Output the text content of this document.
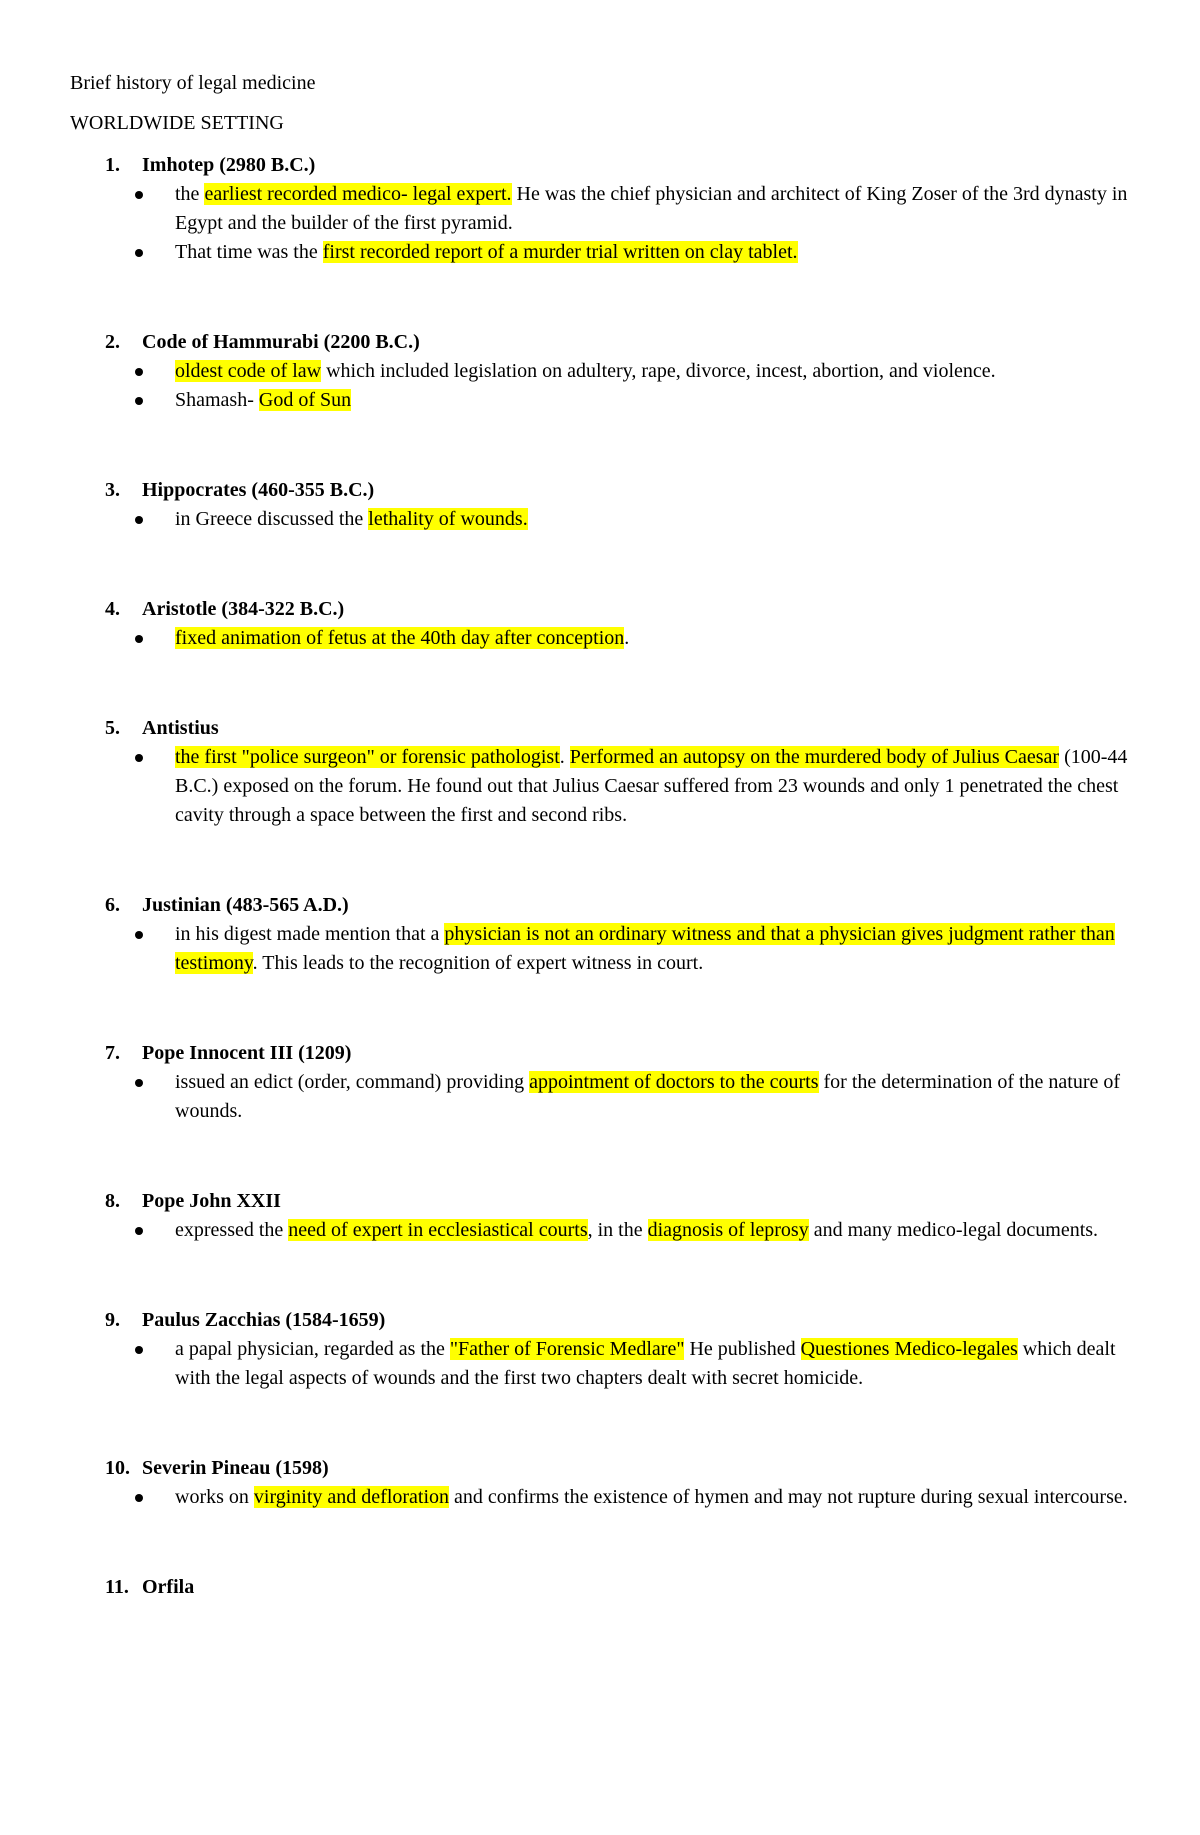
Brief history of legal medicine
WORLDWIDE SETTING
1. Imhotep (2980 B.C.)
the earliest recorded medico- legal expert. He was the chief physician and architect of King Zoser of the 3rd dynasty in Egypt and the builder of the first pyramid.
That time was the first recorded report of a murder trial written on clay tablet.
2. Code of Hammurabi (2200 B.C.)
oldest code of law which included legislation on adultery, rape, divorce, incest, abortion, and violence.
Shamash- God of Sun
3. Hippocrates (460-355 B.C.)
in Greece discussed the lethality of wounds.
4. Aristotle (384-322 B.C.)
fixed animation of fetus at the 40th day after conception.
5. Antistius
the first "police surgeon" or forensic pathologist. Performed an autopsy on the murdered body of Julius Caesar (100-44 B.C.) exposed on the forum. He found out that Julius Caesar suffered from 23 wounds and only 1 penetrated the chest cavity through a space between the first and second ribs.
6. Justinian (483-565 A.D.)
in his digest made mention that a physician is not an ordinary witness and that a physician gives judgment rather than testimony. This leads to the recognition of expert witness in court.
7. Pope Innocent III (1209)
issued an edict (order, command) providing appointment of doctors to the courts for the determination of the nature of wounds.
8. Pope John XXII
expressed the need of expert in ecclesiastical courts, in the diagnosis of leprosy and many medico-legal documents.
9. Paulus Zacchias (1584-1659)
a papal physician, regarded as the "Father of Forensic Medlare" He published Questiones Medico-legales which dealt with the legal aspects of wounds and the first two chapters dealt with secret homicide.
10. Severin Pineau (1598)
works on virginity and defloration and confirms the existence of hymen and may not rupture during sexual intercourse.
11. Orfila
